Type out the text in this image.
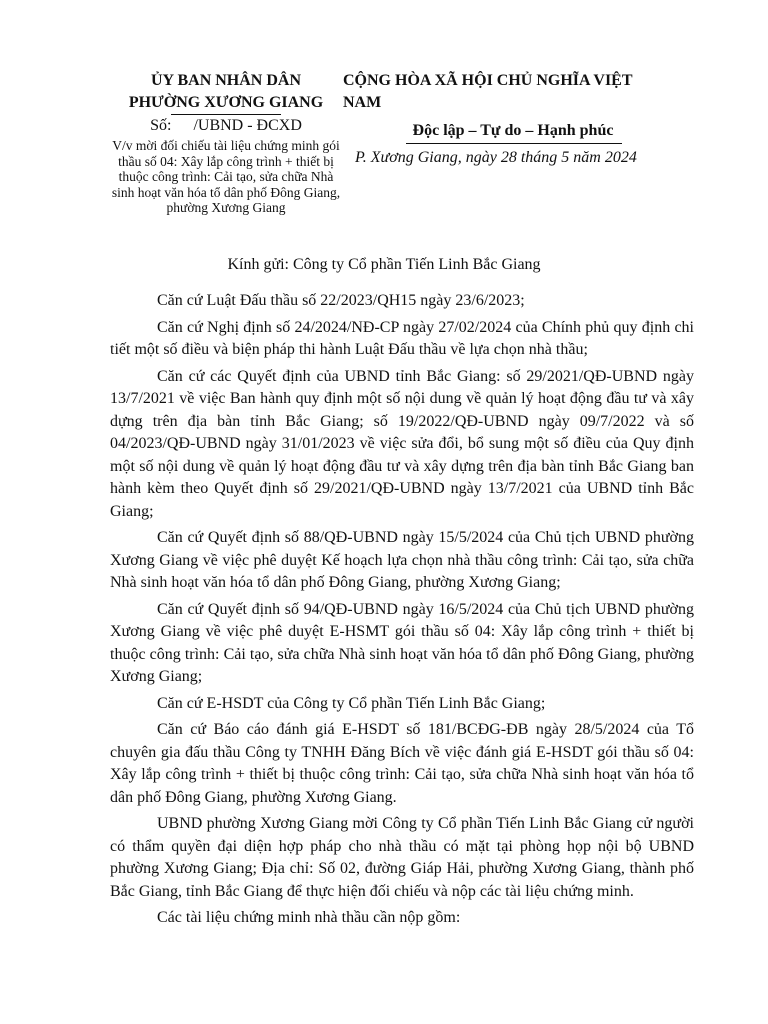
ỦY BAN NHÂN DÂN
PHƯỜNG XƯƠNG GIANG
Số: /UBND - ĐCXD
V/v mời đối chiếu tài liệu chứng minh gói thầu số 04: Xây lắp công trình + thiết bị thuộc công trình: Cải tạo, sửa chữa Nhà sinh hoạt văn hóa tổ dân phố Đông Giang, phường Xương Giang
CỘNG HÒA XÃ HỘI CHỦ NGHĨA VIỆT NAM
Độc lập – Tự do – Hạnh phúc
P. Xương Giang, ngày 28 tháng 5 năm 2024
Kính gửi: Công ty Cổ phần Tiến Linh Bắc Giang

Căn cứ Luật Đấu thầu số 22/2023/QH15 ngày 23/6/2023;

Căn cứ Nghị định số 24/2024/NĐ-CP ngày 27/02/2024 của Chính phủ quy định chi tiết một số điều và biện pháp thi hành Luật Đấu thầu về lựa chọn nhà thầu;

Căn cứ các Quyết định của UBND tỉnh Bắc Giang: số 29/2021/QĐ-UBND ngày 13/7/2021 về việc Ban hành quy định một số nội dung về quản lý hoạt động đầu tư và xây dựng trên địa bàn tỉnh Bắc Giang; số 19/2022/QĐ-UBND ngày 09/7/2022 và số 04/2023/QĐ-UBND ngày 31/01/2023 về việc sửa đổi, bổ sung một số điều của Quy định một số nội dung về quản lý hoạt động đầu tư và xây dựng trên địa bàn tỉnh Bắc Giang ban hành kèm theo Quyết định số 29/2021/QĐ-UBND ngày 13/7/2021 của UBND tỉnh Bắc Giang;

Căn cứ Quyết định số 88/QĐ-UBND ngày 15/5/2024 của Chủ tịch UBND phường Xương Giang về việc phê duyệt Kế hoạch lựa chọn nhà thầu công trình: Cải tạo, sửa chữa Nhà sinh hoạt văn hóa tổ dân phố Đông Giang, phường Xương Giang;

Căn cứ Quyết định số 94/QĐ-UBND ngày 16/5/2024 của Chủ tịch UBND phường Xương Giang về việc phê duyệt E-HSMT gói thầu số 04: Xây lắp công trình + thiết bị thuộc công trình: Cải tạo, sửa chữa Nhà sinh hoạt văn hóa tổ dân phố Đông Giang, phường Xương Giang;

Căn cứ E-HSDT của Công ty Cổ phần Tiến Linh Bắc Giang;

Căn cứ Báo cáo đánh giá E-HSDT số 181/BCĐG-ĐB ngày 28/5/2024 của Tổ chuyên gia đấu thầu Công ty TNHH Đăng Bích về việc đánh giá E-HSDT gói thầu số 04: Xây lắp công trình + thiết bị thuộc công trình: Cải tạo, sửa chữa Nhà sinh hoạt văn hóa tổ dân phố Đông Giang, phường Xương Giang.

UBND phường Xương Giang mời Công ty Cổ phần Tiến Linh Bắc Giang cử người có thẩm quyền đại diện hợp pháp cho nhà thầu có mặt tại phòng họp nội bộ UBND phường Xương Giang; Địa chỉ: Số 02, đường Giáp Hải, phường Xương Giang, thành phố Bắc Giang, tỉnh Bắc Giang để thực hiện đối chiếu và nộp các tài liệu chứng minh.

Các tài liệu chứng minh nhà thầu cần nộp gồm:
